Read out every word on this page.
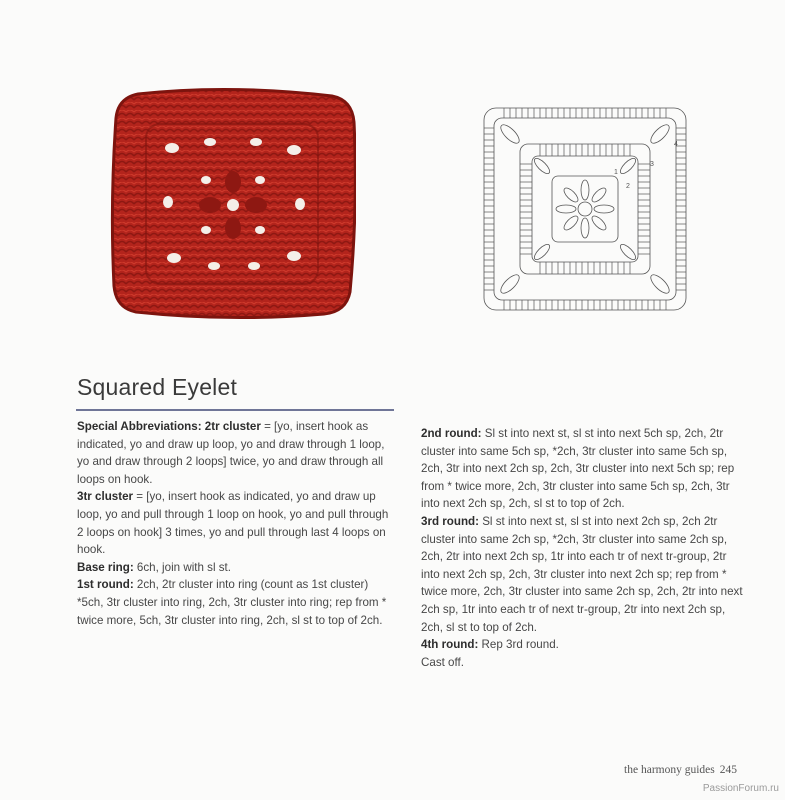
1
2
3
4
Squared Eyelet

Special Abbreviations: 2tr cluster = [yo, insert hook as indicated, yo and draw up loop, yo and draw through 1 loop, yo and draw through 2 loops] twice, yo and draw through all loops on hook.

3tr cluster = [yo, insert hook as indicated, yo and draw up loop, yo and pull through 1 loop on hook, yo and pull through 2 loops on hook] 3 times, yo and pull through last 4 loops on hook.

Base ring: 6ch, join with sl st.

1st round: 2ch, 2tr cluster into ring (count as 1st cluster) *5ch, 3tr cluster into ring, 2ch, 3tr cluster into ring; rep from * twice more, 5ch, 3tr cluster into ring, 2ch, sl st to top of 2ch.

2nd round: Sl st into next st, sl st into next 5ch sp, 2ch, 2tr cluster into same 5ch sp, *2ch, 3tr cluster into same 5ch sp, 2ch, 3tr into next 2ch sp, 2ch, 3tr cluster into next 5ch sp; rep from * twice more, 2ch, 3tr cluster into same 5ch sp, 2ch, 3tr into next 2ch sp, 2ch, sl st to top of 2ch.

3rd round: Sl st into next st, sl st into next 2ch sp, 2ch 2tr cluster into same 2ch sp, *2ch, 3tr cluster into same 2ch sp, 2ch, 2tr into next 2ch sp, 1tr into each tr of next tr-group, 2tr into next 2ch sp, 2ch, 3tr cluster into next 2ch sp; rep from * twice more, 2ch, 3tr cluster into same 2ch sp, 2ch, 2tr into next 2ch sp, 1tr into each tr of next tr-group, 2tr into next 2ch sp, 2ch, sl st to top of 2ch.

4th round: Rep 3rd round.

Cast off.

the harmony guides 245
PassionForum.ru
